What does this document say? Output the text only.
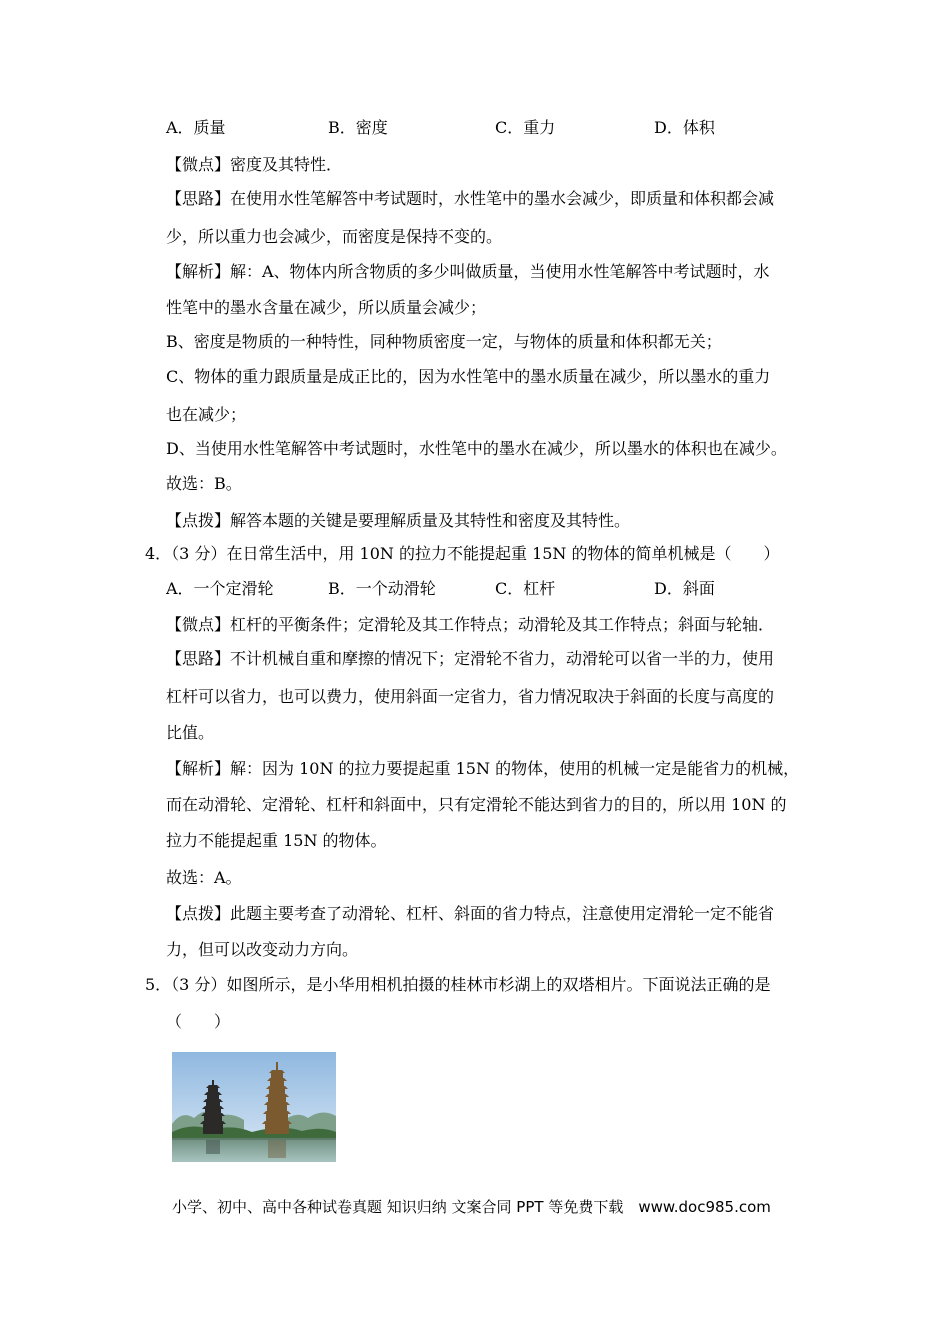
A．质量	B．密度	C．重力	D．体积
【微点】密度及其特性．
【思路】在使用水性笔解答中考试题时，水性笔中的墨水会减少，即质量和体积都会减
少，所以重力也会减少，而密度是保持不变的。
【解析】解：A、物体内所含物质的多少叫做质量，当使用水性笔解答中考试题时，水
性笔中的墨水含量在减少，所以质量会减少；
B、密度是物质的一种特性，同种物质密度一定，与物体的质量和体积都无关；
C、物体的重力跟质量是成正比的，因为水性笔中的墨水质量在减少，所以墨水的重力
也在减少；
D、当使用水性笔解答中考试题时，水性笔中的墨水在减少，所以墨水的体积也在减少。
故选：B。
【点拨】解答本题的关键是要理解质量及其特性和密度及其特性。
4．（3 分）在日常生活中，用 10N 的拉力不能提起重 15N 的物体的简单机械是（　　）
A．一个定滑轮	B．一个动滑轮	C．杠杆	D．斜面
【微点】杠杆的平衡条件；定滑轮及其工作特点；动滑轮及其工作特点；斜面与轮轴．
【思路】不计机械自重和摩擦的情况下；定滑轮不省力，动滑轮可以省一半的力，使用
杠杆可以省力，也可以费力，使用斜面一定省力，省力情况取决于斜面的长度与高度的
比值。
【解析】解：因为 10N 的拉力要提起重 15N 的物体，使用的机械一定是能省力的机械，
而在动滑轮、定滑轮、杠杆和斜面中，只有定滑轮不能达到省力的目的，所以用 10N 的
拉力不能提起重 15N 的物体。
故选：A。
【点拨】此题主要考查了动滑轮、杠杆、斜面的省力特点，注意使用定滑轮一定不能省
力，但可以改变动力方向。
5．（3 分）如图所示，是小华用相机拍摄的桂林市杉湖上的双塔相片。下面说法正确的是
（　　）
小学、初中、高中各种试卷真题 知识归纳 文案合同 PPT 等免费下载　www.doc985.com
